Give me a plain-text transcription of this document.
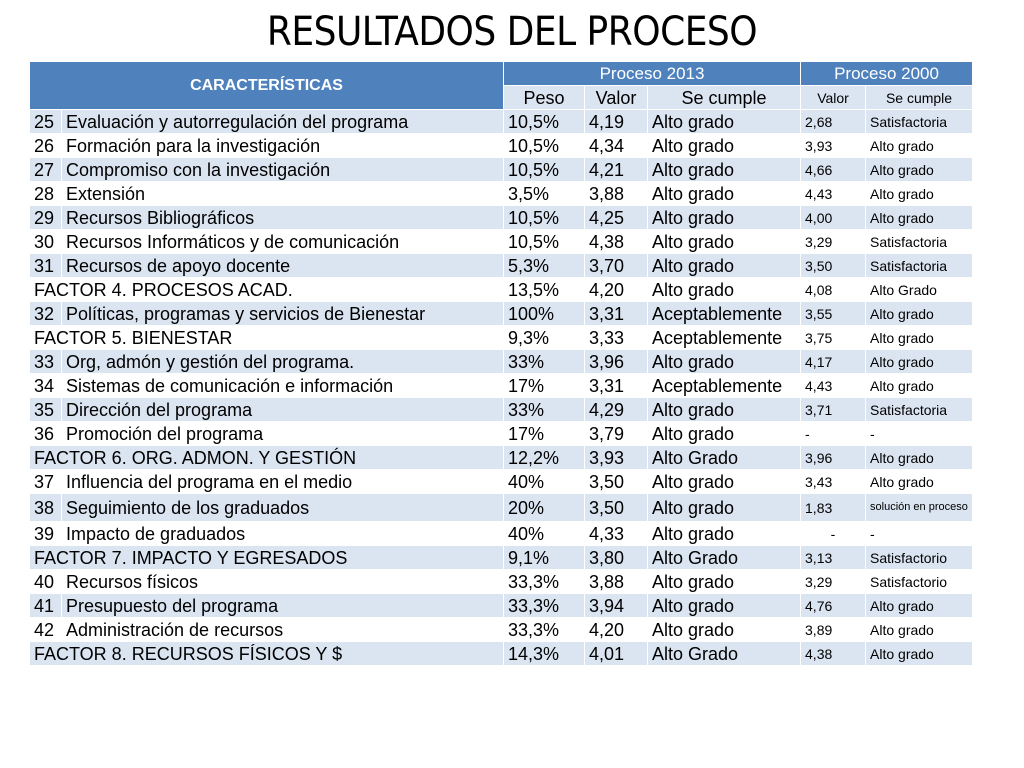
RESULTADOS DEL PROCESO
CARACTERÍSTICAS		Proceso 2013			Proceso 2000	
		Peso	Valor	Se cumple	Valor	Se cumple
25	Evaluación y autorregulación del programa	10,5%	4,19	Alto grado	2,68	Satisfactoria
26	Formación para la investigación	10,5%	4,34	Alto grado	3,93	Alto grado
27	Compromiso con la investigación	10,5%	4,21	Alto grado	4,66	Alto grado
28	Extensión	3,5%	3,88	Alto grado	4,43	Alto grado
29	Recursos Bibliográficos	10,5%	4,25	Alto grado	4,00	Alto grado
30	Recursos Informáticos y de comunicación	10,5%	4,38	Alto grado	3,29	Satisfactoria
31	Recursos de apoyo docente	5,3%	3,70	Alto grado	3,50	Satisfactoria
FACTOR 4. PROCESOS ACAD.		13,5%	4,20	Alto grado	4,08	Alto Grado
32	Políticas, programas y servicios de Bienestar	100%	3,31	Aceptablemente	3,55	Alto grado
FACTOR 5. BIENESTAR		9,3%	3,33	Aceptablemente	3,75	Alto grado
33	Org, admón y gestión del programa.	33%	3,96	Alto grado	4,17	Alto grado
34	Sistemas de comunicación e información	17%	3,31	Aceptablemente	4,43	Alto grado
35	Dirección del programa	33%	4,29	Alto grado	3,71	Satisfactoria
36	Promoción del programa	17%	3,79	Alto grado	-	-
FACTOR 6. ORG. ADMON. Y GESTIÓN		12,2%	3,93	Alto Grado	3,96	Alto grado
37	Influencia del programa en el medio	40%	3,50	Alto grado	3,43	Alto grado
38	Seguimiento de los graduados	20%	3,50	Alto grado	1,83	solución en proceso
39	Impacto de graduados	40%	4,33	Alto grado	-	-
FACTOR 7. IMPACTO Y EGRESADOS		9,1%	3,80	Alto Grado	3,13	Satisfactorio
40	Recursos físicos	33,3%	3,88	Alto grado	3,29	Satisfactorio
41	Presupuesto del programa	33,3%	3,94	Alto grado	4,76	Alto grado
42	Administración de recursos	33,3%	4,20	Alto grado	3,89	Alto grado
FACTOR 8. RECURSOS FÍSICOS Y $		14,3%	4,01	Alto Grado	4,38	Alto grado
